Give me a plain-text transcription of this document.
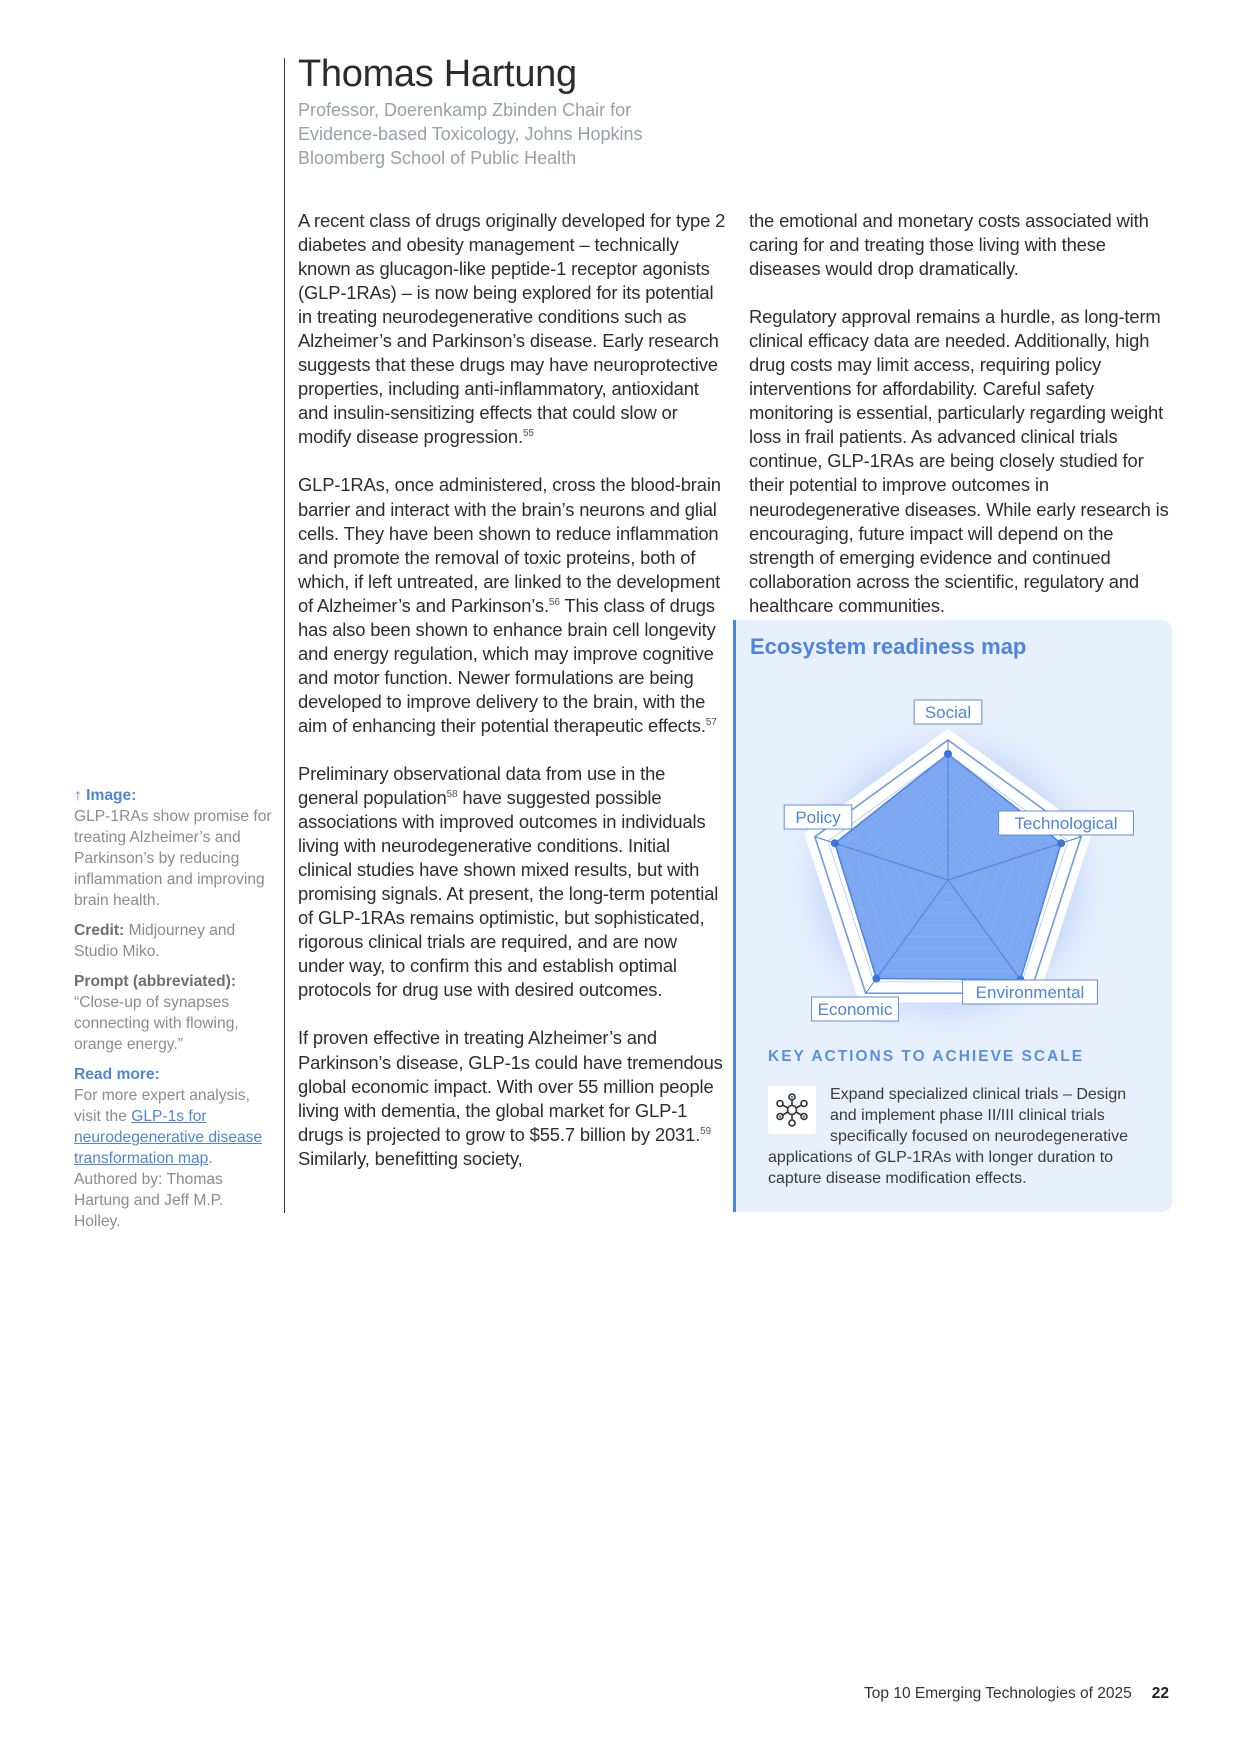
Thomas Hartung
Professor, Doerenkamp Zbinden Chair for Evidence-based Toxicology, Johns Hopkins Bloomberg School of Public Health

A recent class of drugs originally developed for type 2 diabetes and obesity management – technically known as glucagon-like peptide-1 receptor agonists (GLP-1RAs) – is now being explored for its potential in treating neurodegenerative conditions such as Alzheimer’s and Parkinson’s disease. Early research suggests that these drugs may have neuroprotective properties, including anti-inflammatory, antioxidant and insulin-sensitizing effects that could slow or modify disease progression.$^{55}$

GLP-1RAs, once administered, cross the blood-brain barrier and interact with the brain’s neurons and glial cells. They have been shown to reduce inflammation and promote the removal of toxic proteins, both of which, if left untreated, are linked to the development of Alzheimer’s and Parkinson’s.$^{56}$ This class of drugs has also been shown to enhance brain cell longevity and energy regulation, which may improve cognitive and motor function. Newer formulations are being developed to improve delivery to the brain, with the aim of enhancing their potential therapeutic effects.$^{57}$

Preliminary observational data from use in the general population$^{58}$ have suggested possible associations with improved outcomes in individuals living with neurodegenerative conditions. Initial clinical studies have shown mixed results, but with promising signals. At present, the long-term potential of GLP-1RAs remains optimistic, but sophisticated, rigorous clinical trials are required, and are now under way, to confirm this and establish optimal protocols for drug use with desired outcomes.

If proven effective in treating Alzheimer’s and Parkinson’s disease, GLP-1s could have tremendous global economic impact. With over 55 million people living with dementia, the global market for GLP-1 drugs is projected to grow to $55.7 billion by 2031.59 Similarly, benefitting society,

the emotional and monetary costs associated with caring for and treating those living with these diseases would drop dramatically.

Regulatory approval remains a hurdle, as long-term clinical efficacy data are needed. Additionally, high drug costs may limit access, requiring policy interventions for affordability. Careful safety monitoring is essential, particularly regarding weight loss in frail patients. As advanced clinical trials continue, GLP-1RAs are being closely studied for their potential to improve outcomes in neurodegenerative diseases. While early research is encouraging, future impact will depend on the strength of emerging evidence and continued collaboration across the scientific, regulatory and healthcare communities.

↑ Image:
GLP-1RAs show promise for treating Alzheimer’s and Parkinson’s by reducing inflammation and improving brain health.
Credit: Midjourney and Studio Miko.
Prompt (abbreviated):
“Close-up of synapses connecting with flowing, orange energy.”
Read more:
For more expert analysis, visit the GLP-1s for neurodegenerative disease transformation map. Authored by: Thomas Hartung and Jeff M.P. Holley.
Ecosystem readiness map
Social
Technological
Environmental
Economic
Policy
KEY ACTIONS TO ACHIEVE SCALE
Expand specialized clinical trials – Design and implement phase II/III clinical trials specifically focused on neurodegenerative applications of GLP-1RAs with longer duration to capture disease modification effects.
Top 10 Emerging Technologies of 2025 22
